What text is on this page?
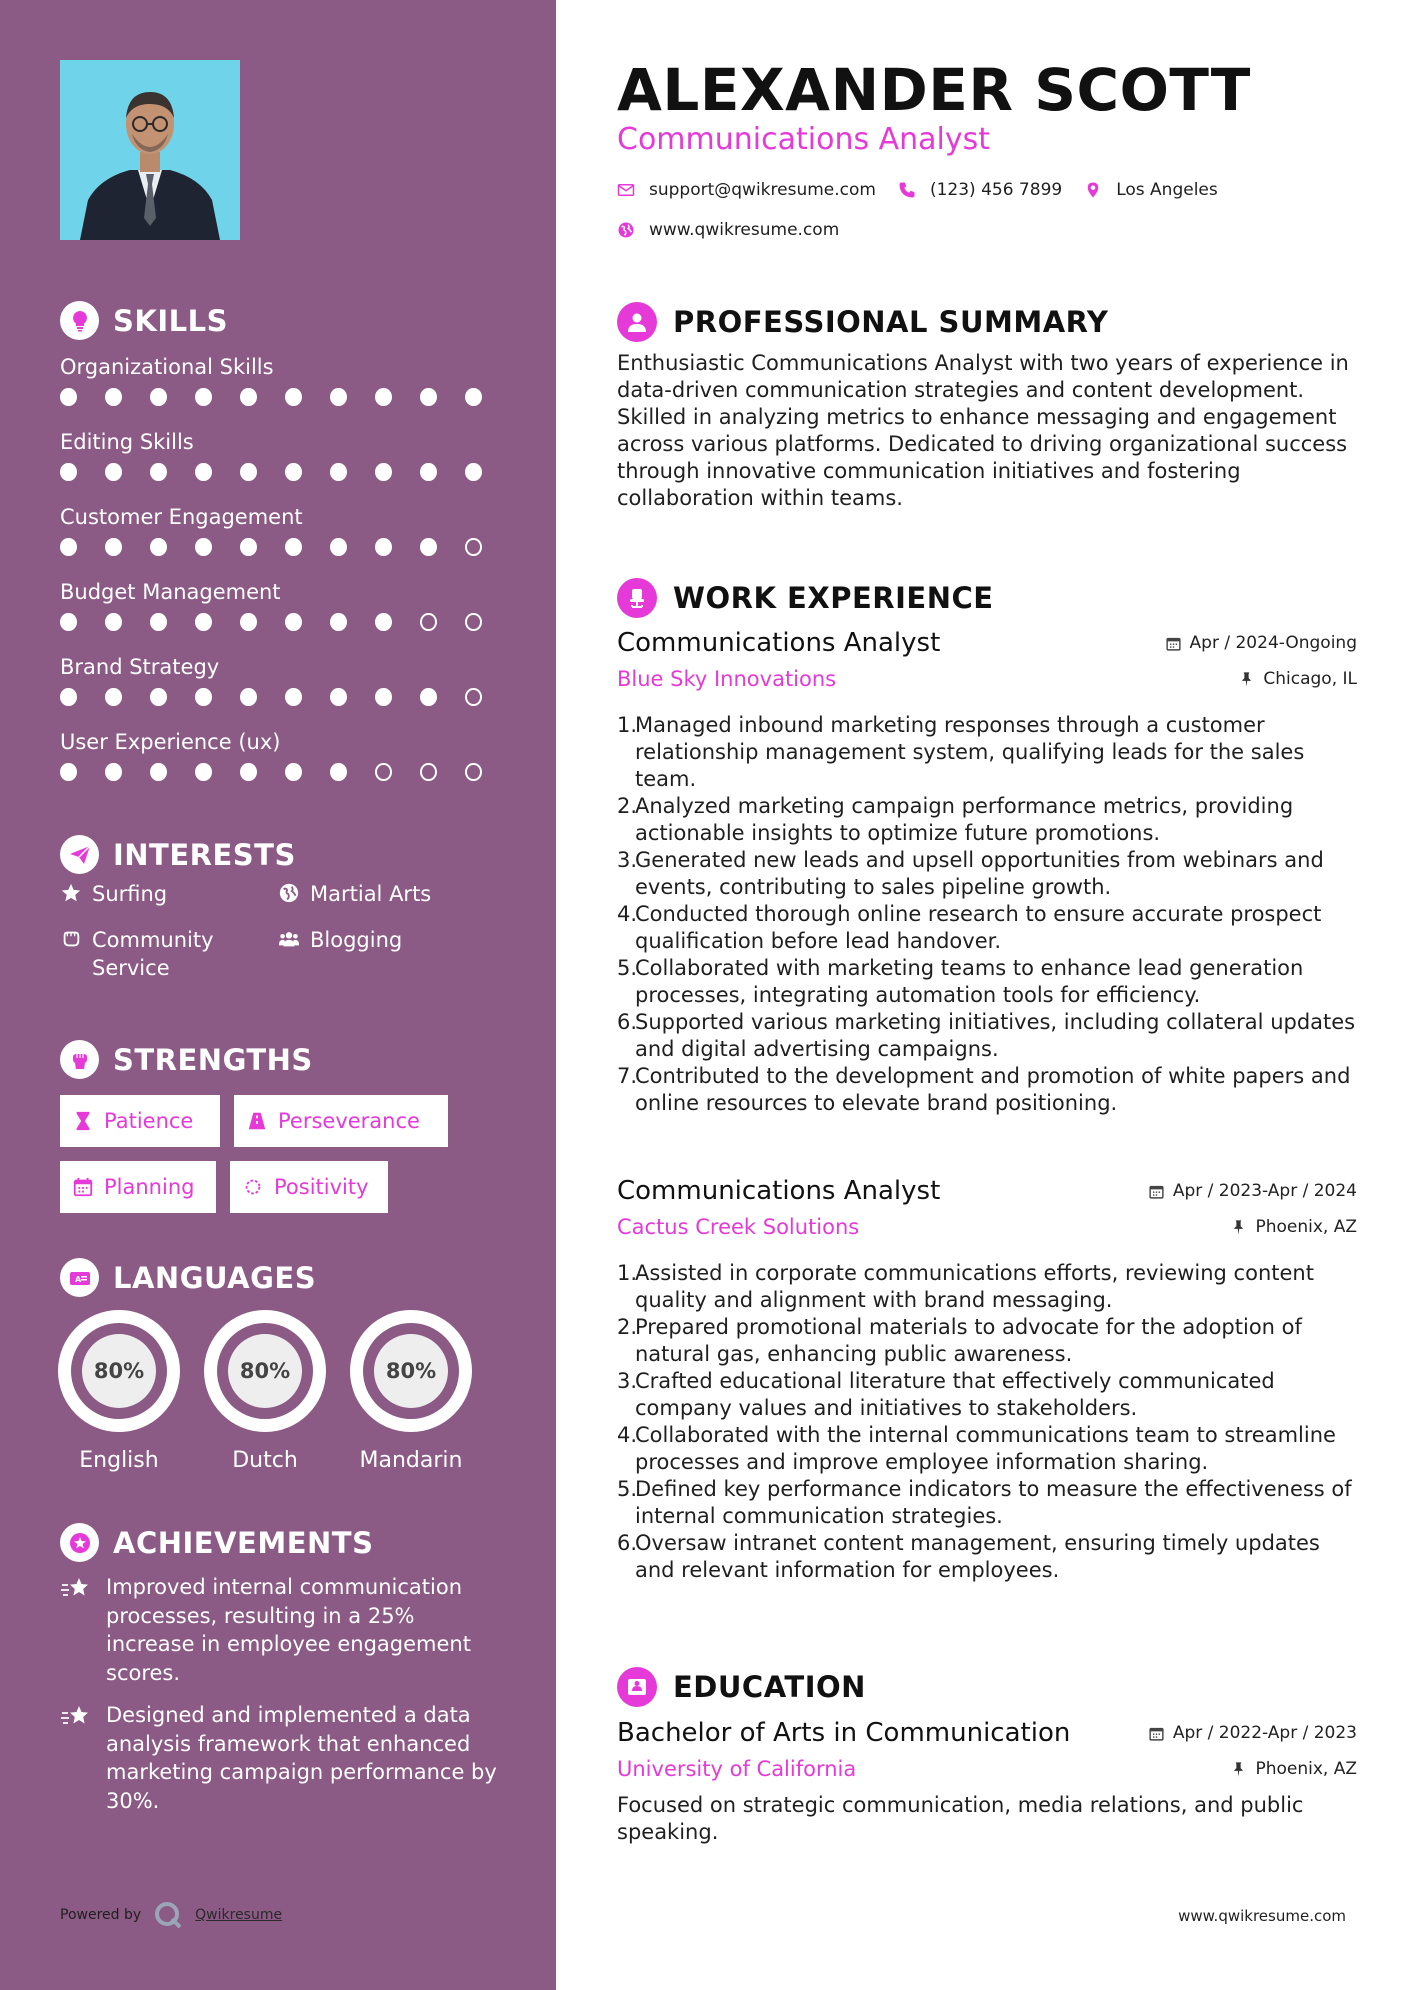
SKILLS
Organizational Skills
Editing Skills
Customer Engagement
Budget Management
Brand Strategy
User Experience (ux)
INTERESTS
Surfing	Martial Arts
Community Service
Blogging
STRENGTHS
Patience	Perseverance
Planning	Positivity
A LANGUAGES
80%
English
80%
Dutch
80%
Mandarin
ACHIEVEMENTS
Improved internal communication processes, resulting in a 25% increase in employee engagement scores.
Designed and implemented a data analysis framework that enhanced marketing campaign performance by 30%.
Powered by	Qwikresume
ALEXANDER SCOTT
Communications Analyst
support@qwikresume.com	(123) 456 7899	Los Angeles
www.qwikresume.com
PROFESSIONAL SUMMARY
Enthusiastic Communications Analyst with two years of experience in data-driven communication strategies and content development. Skilled in analyzing metrics to enhance messaging and engagement across various platforms. Dedicated to driving organizational success through innovative communication initiatives and fostering collaboration within teams.
WORK EXPERIENCE
Communications Analyst	Apr / 2024-Ongoing
Blue Sky Innovations	Chicago, IL
1.
Managed inbound marketing responses through a customer relationship management system, qualifying leads for the sales team.
2.
Analyzed marketing campaign performance metrics, providing actionable insights to optimize future promotions.
3.
Generated new leads and upsell opportunities from webinars and events, contributing to sales pipeline growth.
4.
Conducted thorough online research to ensure accurate prospect qualification before lead handover.
5.
Collaborated with marketing teams to enhance lead generation processes, integrating automation tools for efficiency.
6.
Supported various marketing initiatives, including collateral updates and digital advertising campaigns.
7.
Contributed to the development and promotion of white papers and online resources to elevate brand positioning.
Communications Analyst	Apr / 2023-Apr / 2024
Cactus Creek Solutions	Phoenix, AZ
1.
Assisted in corporate communications efforts, reviewing content quality and alignment with brand messaging.
2.
Prepared promotional materials to advocate for the adoption of natural gas, enhancing public awareness.
3.
Crafted educational literature that effectively communicated company values and initiatives to stakeholders.
4.
Collaborated with the internal communications team to streamline processes and improve employee information sharing.
5.
Defined key performance indicators to measure the effectiveness of internal communication strategies.
6.
Oversaw intranet content management, ensuring timely updates and relevant information for employees.
EDUCATION
Bachelor of Arts in Communication	Apr / 2022-Apr / 2023
University of California	Phoenix, AZ
Focused on strategic communication, media relations, and public speaking.
www.qwikresume.com
